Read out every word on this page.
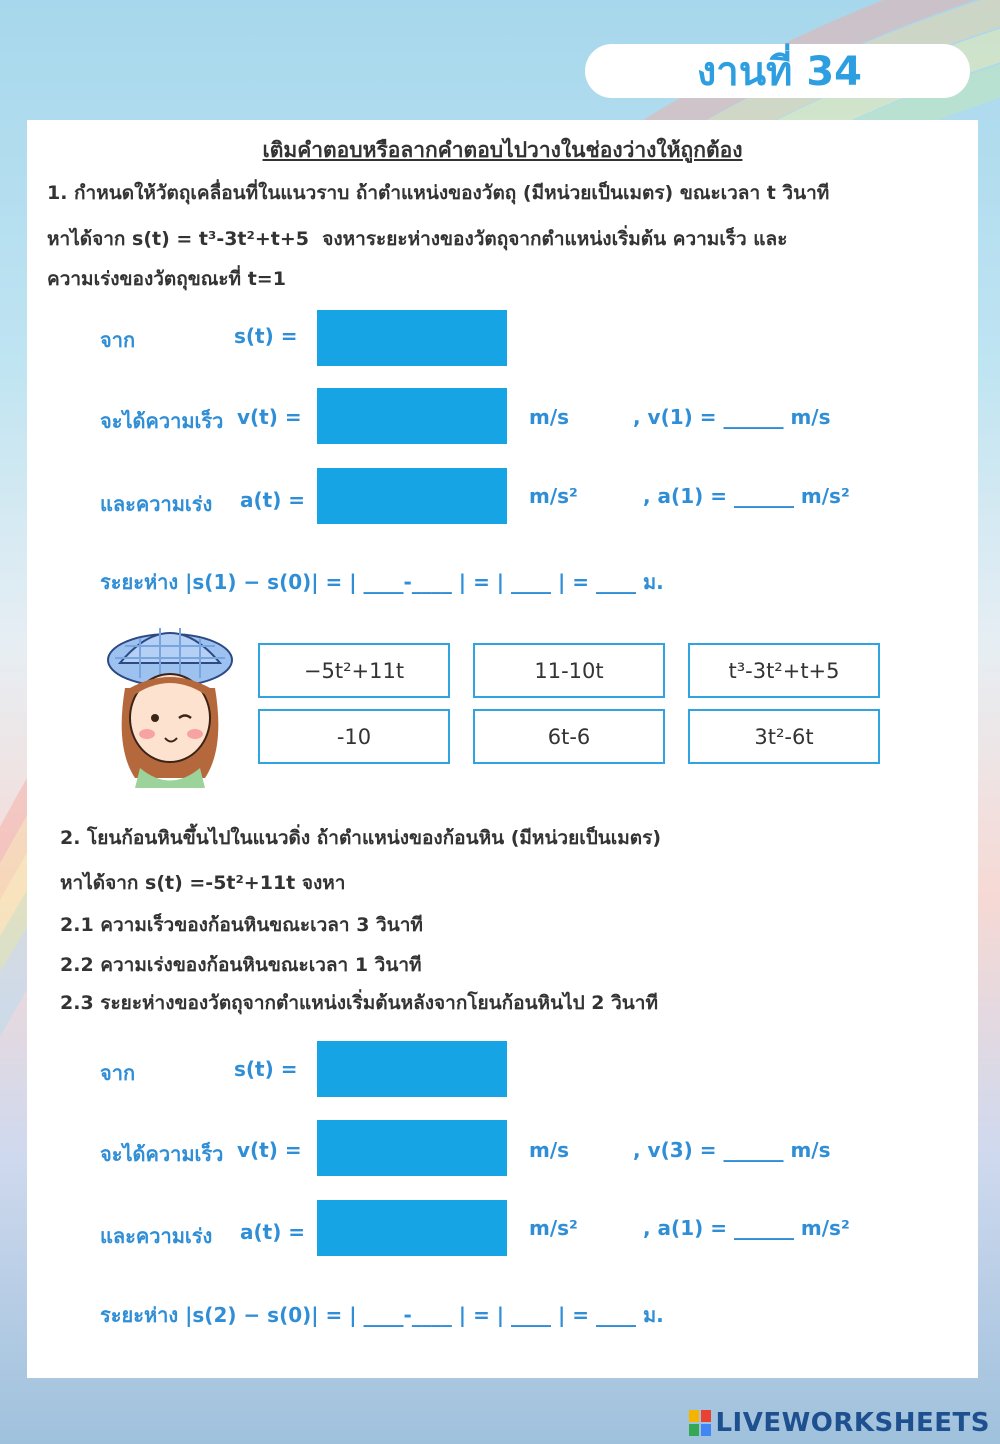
งานที่ 34
เติมคำตอบหรือลากคำตอบไปวางในช่องว่างให้ถูกต้อง
1. กำหนดให้วัตถุเคลื่อนที่ในแนวราบ ถ้าตำแหน่งของวัตถุ (มีหน่วยเป็นเมตร) ขณะเวลา t วินาที
หาได้จาก s(t) = t³-3t²+t+5 จงหาระยะห่างของวัตถุจากตำแหน่งเริ่มต้น ความเร็ว และ
ความเร่งของวัตถุขณะที่ t=1
จาก	s(t) =
จะได้ความเร็ว v(t) =	m/s	, v(1) = ______ m/s
และความเร่ง a(t) =	m/s²	, a(1) = ______ m/s²
ระยะห่าง |s(1) − s(0)| = | ____-____ | = | ____ | = ____ ม.
−5t²+11t	11-10t	t³-3t²+t+5
-10	6t-6	3t²-6t
2. โยนก้อนหินขึ้นไปในแนวดิ่ง ถ้าตำแหน่งของก้อนหิน (มีหน่วยเป็นเมตร)
หาได้จาก s(t) =-5t²+11t จงหา
2.1 ความเร็วของก้อนหินขณะเวลา 3 วินาที
2.2 ความเร่งของก้อนหินขณะเวลา 1 วินาที
2.3 ระยะห่างของวัตถุจากตำแหน่งเริ่มต้นหลังจากโยนก้อนหินไป 2 วินาที
จาก	s(t) =
จะได้ความเร็ว v(t) =	m/s	, v(3) = ______ m/s
และความเร่ง a(t) =	m/s²	, a(1) = ______ m/s²
ระยะห่าง |s(2) − s(0)| = | ____-____ | = | ____ | = ____ ม.
LIVEWORKSHEETS
